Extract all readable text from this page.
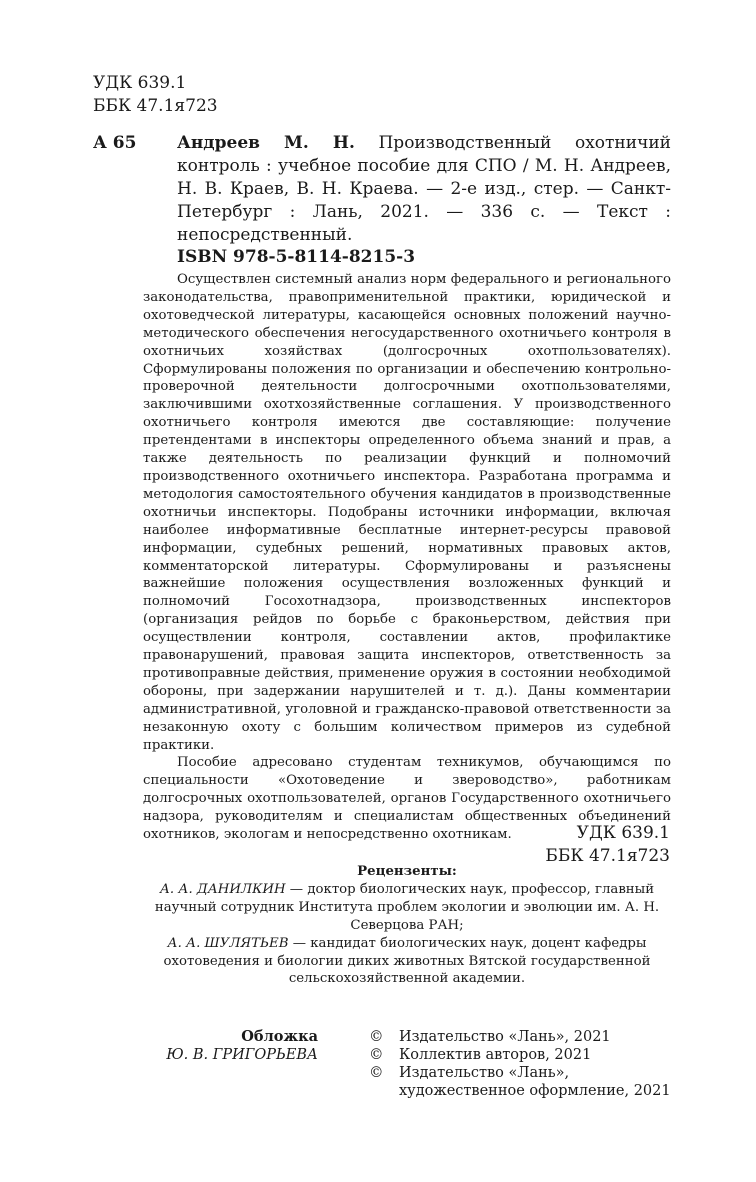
УДК 639.1
ББК 47.1я723
А 65 Андреев М. Н. Производственный охотничий контроль : учебное пособие для СПО / М. Н. Андреев, Н. В. Краев, В. Н. Краева. — 2-е изд., стер. — Санкт-Петербург : Лань, 2021. — 336 с. — Текст : непосредственный.
ISBN 978-5-8114-8215-3

Осуществлен системный анализ норм федерального и регионального законодательства, правоприменительной практики, юридической и охотоведческой литературы, касающейся основных положений научно-методического обеспечения негосударственного охотничьего контроля в охотничьих хозяйствах (долгосрочных охотпользователях). Сформулированы положения по организации и обеспечению контрольно-проверочной деятельности долгосрочными охотпользователями, заключившими охотхозяйственные соглашения. У производственного охотничьего контроля имеются две составляющие: получение претендентами в инспекторы определенного объема знаний и прав, а также деятельность по реализации функций и полномочий производственного охотничьего инспектора. Разработана программа и методология самостоятельного обучения кандидатов в производственные охотничьи инспекторы. Подобраны источники информации, включая наиболее информативные бесплатные интернет-ресурсы правовой информации, судебных решений, нормативных правовых актов, комментаторской литературы. Сформулированы и разъяснены важнейшие положения осуществления возложенных функций и полномочий Госохотнадзора, производственных инспекторов (организация рейдов по борьбе с браконьерством, действия при осуществлении контроля, составлении актов, профилактике правонарушений, правовая защита инспекторов, ответственность за противоправные действия, применение оружия в состоянии необходимой обороны, при задержании нарушителей и т. д.). Даны комментарии административной, уголовной и гражданско-правовой ответственности за незаконную охоту с большим количеством примеров из судебной практики.

Пособие адресовано студентам техникумов, обучающимся по специальности «Охотоведение и звероводство», работникам долгосрочных охотпользователей, органов Государственного охотничьего надзора, руководителям и специалистам общественных объединений охотников, экологам и непосредственно охотникам.	УДК 639.1
ББК 47.1я723
Рецензенты:
А. А. ДАНИЛКИН — доктор биологических наук, профессор, главный научный сотрудник Института проблем экологии и эволюции им. А. Н. Северцова РАН;
А. А. ШУЛЯТЬЕВ — кандидат биологических наук, доцент кафедры охотоведения и биологии диких животных Вятской государственной сельскохозяйственной академии.
Обложка
Ю. В. ГРИГОРЬЕВА
©	Издательство «Лань», 2021
©	Коллектив авторов, 2021
©	Издательство «Лань», художественное оформление, 2021
